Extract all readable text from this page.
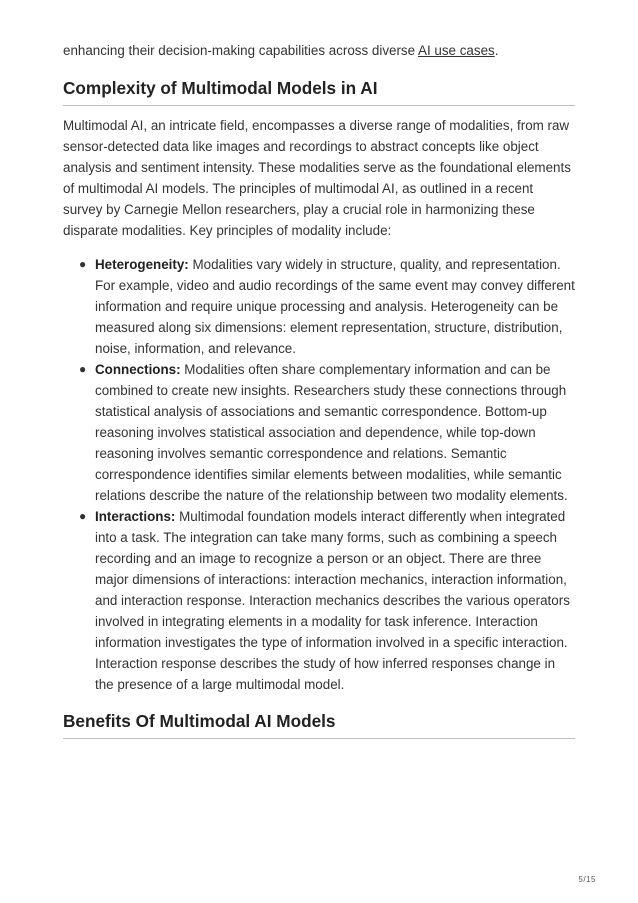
enhancing their decision-making capabilities across diverse AI use cases.

Complexity of Multimodal Models in AI

Multimodal AI, an intricate field, encompasses a diverse range of modalities, from raw sensor-detected data like images and recordings to abstract concepts like object analysis and sentiment intensity. These modalities serve as the foundational elements of multimodal AI models. The principles of multimodal AI, as outlined in a recent survey by Carnegie Mellon researchers, play a crucial role in harmonizing these disparate modalities. Key principles of modality include:

● Heterogeneity: Modalities vary widely in structure, quality, and representation. For example, video and audio recordings of the same event may convey different information and require unique processing and analysis. Heterogeneity can be measured along six dimensions: element representation, structure, distribution, noise, information, and relevance.
● Connections: Modalities often share complementary information and can be combined to create new insights. Researchers study these connections through statistical analysis of associations and semantic correspondence. Bottom-up reasoning involves statistical association and dependence, while top-down reasoning involves semantic correspondence and relations. Semantic correspondence identifies similar elements between modalities, while semantic relations describe the nature of the relationship between two modality elements.
● Interactions: Multimodal foundation models interact differently when integrated into a task. The integration can take many forms, such as combining a speech recording and an image to recognize a person or an object. There are three major dimensions of interactions: interaction mechanics, interaction information, and interaction response. Interaction mechanics describes the various operators involved in integrating elements in a modality for task inference. Interaction information investigates the type of information involved in a specific interaction. Interaction response describes the study of how inferred responses change in the presence of a large multimodal model.
Benefits Of Multimodal AI Models
5/15
